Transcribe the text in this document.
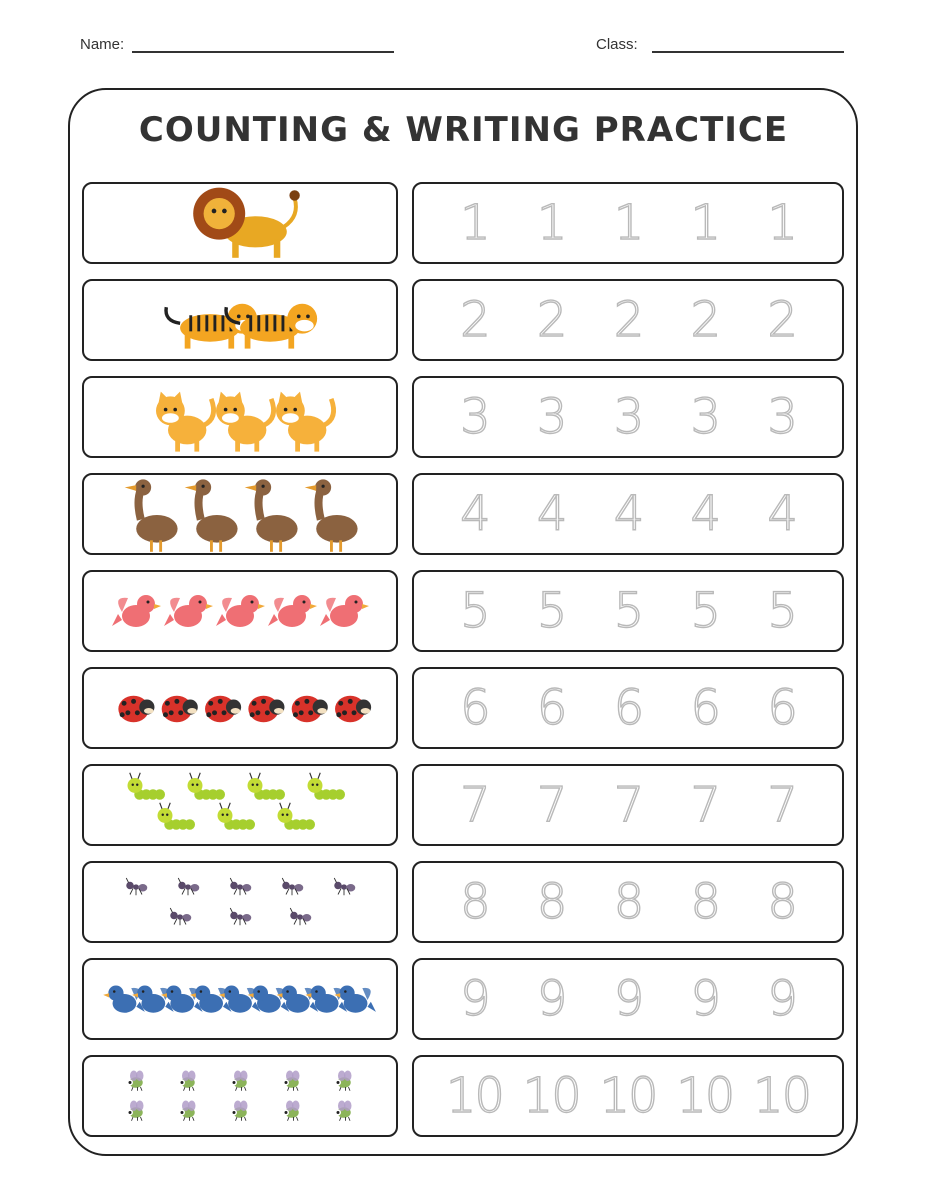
Name:	Class:
COUNTING & WRITING PRACTICE
1 1 1 1 1
2 2 2 2 2
3 3 3 3 3
4 4 4 4 4
5 5 5 5 5
6 6 6 6 6
7 7 7 7 7
8 8 8 8 8
9 9 9 9 9
10 10 10 10 10
